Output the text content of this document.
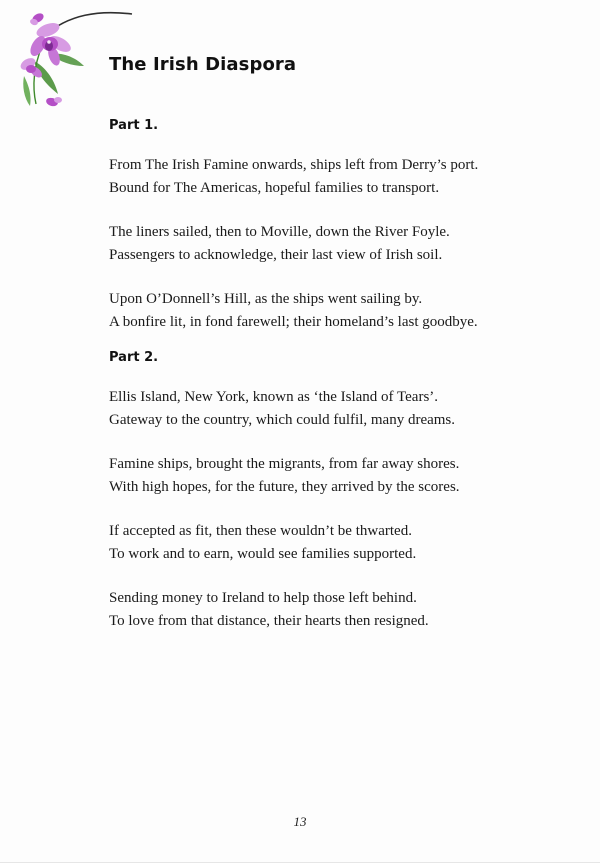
The Irish Diaspora
Part 1.

From The Irish Famine onwards, ships left from Derry’s port.
Bound for The Americas, hopeful families to transport.

The liners sailed, then to Moville, down the River Foyle.
Passengers to acknowledge, their last view of Irish soil.

Upon O’Donnell’s Hill, as the ships went sailing by.
A bonfire lit, in fond farewell; their homeland’s last goodbye.

Part 2.

Ellis Island, New York, known as ‘the Island of Tears’.
Gateway to the country, which could fulfil, many dreams.

Famine ships, brought the migrants, from far away shores.
With high hopes, for the future, they arrived by the scores.

If accepted as fit, then these wouldn’t be thwarted.
To work and to earn, would see families supported.

Sending money to Ireland to help those left behind.
To love from that distance, their hearts then resigned.

13
